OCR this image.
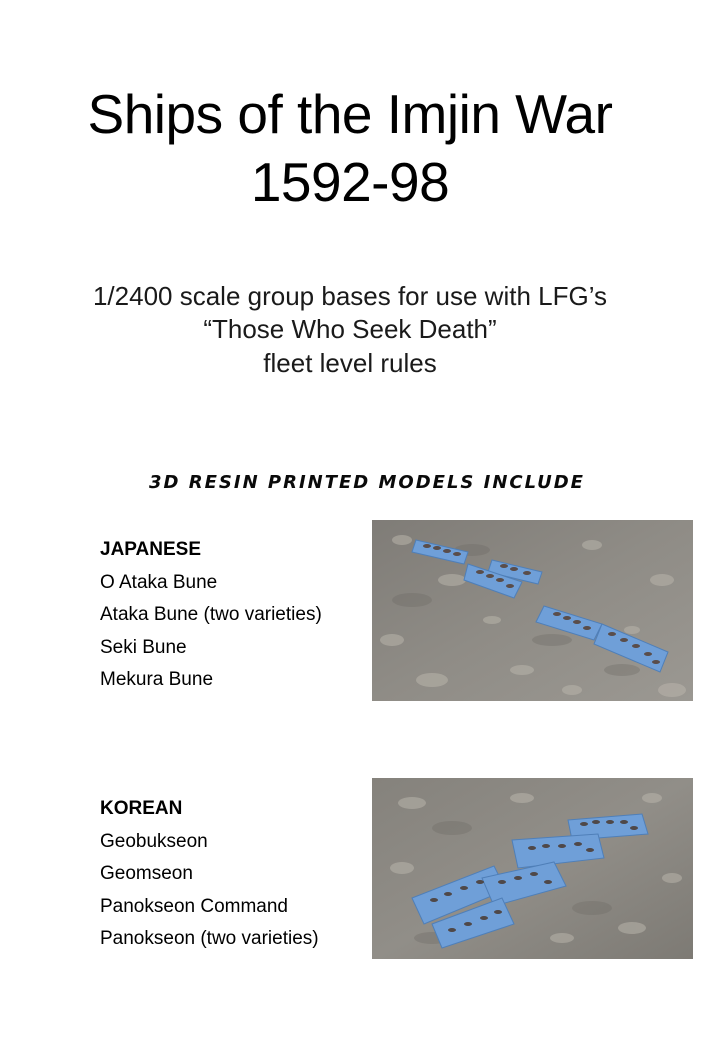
Ships of the Imjin War
1592-98
1/2400 scale group bases for use with LFG’s
“Those Who Seek Death”
fleet level rules
3D RESIN PRINTED MODELS INCLUDE
JAPANESE
O Ataka Bune
Ataka Bune (two varieties)
Seki Bune
Mekura Bune
KOREAN
Geobukseon
Geomseon
Panokseon Command
Panokseon (two varieties)
